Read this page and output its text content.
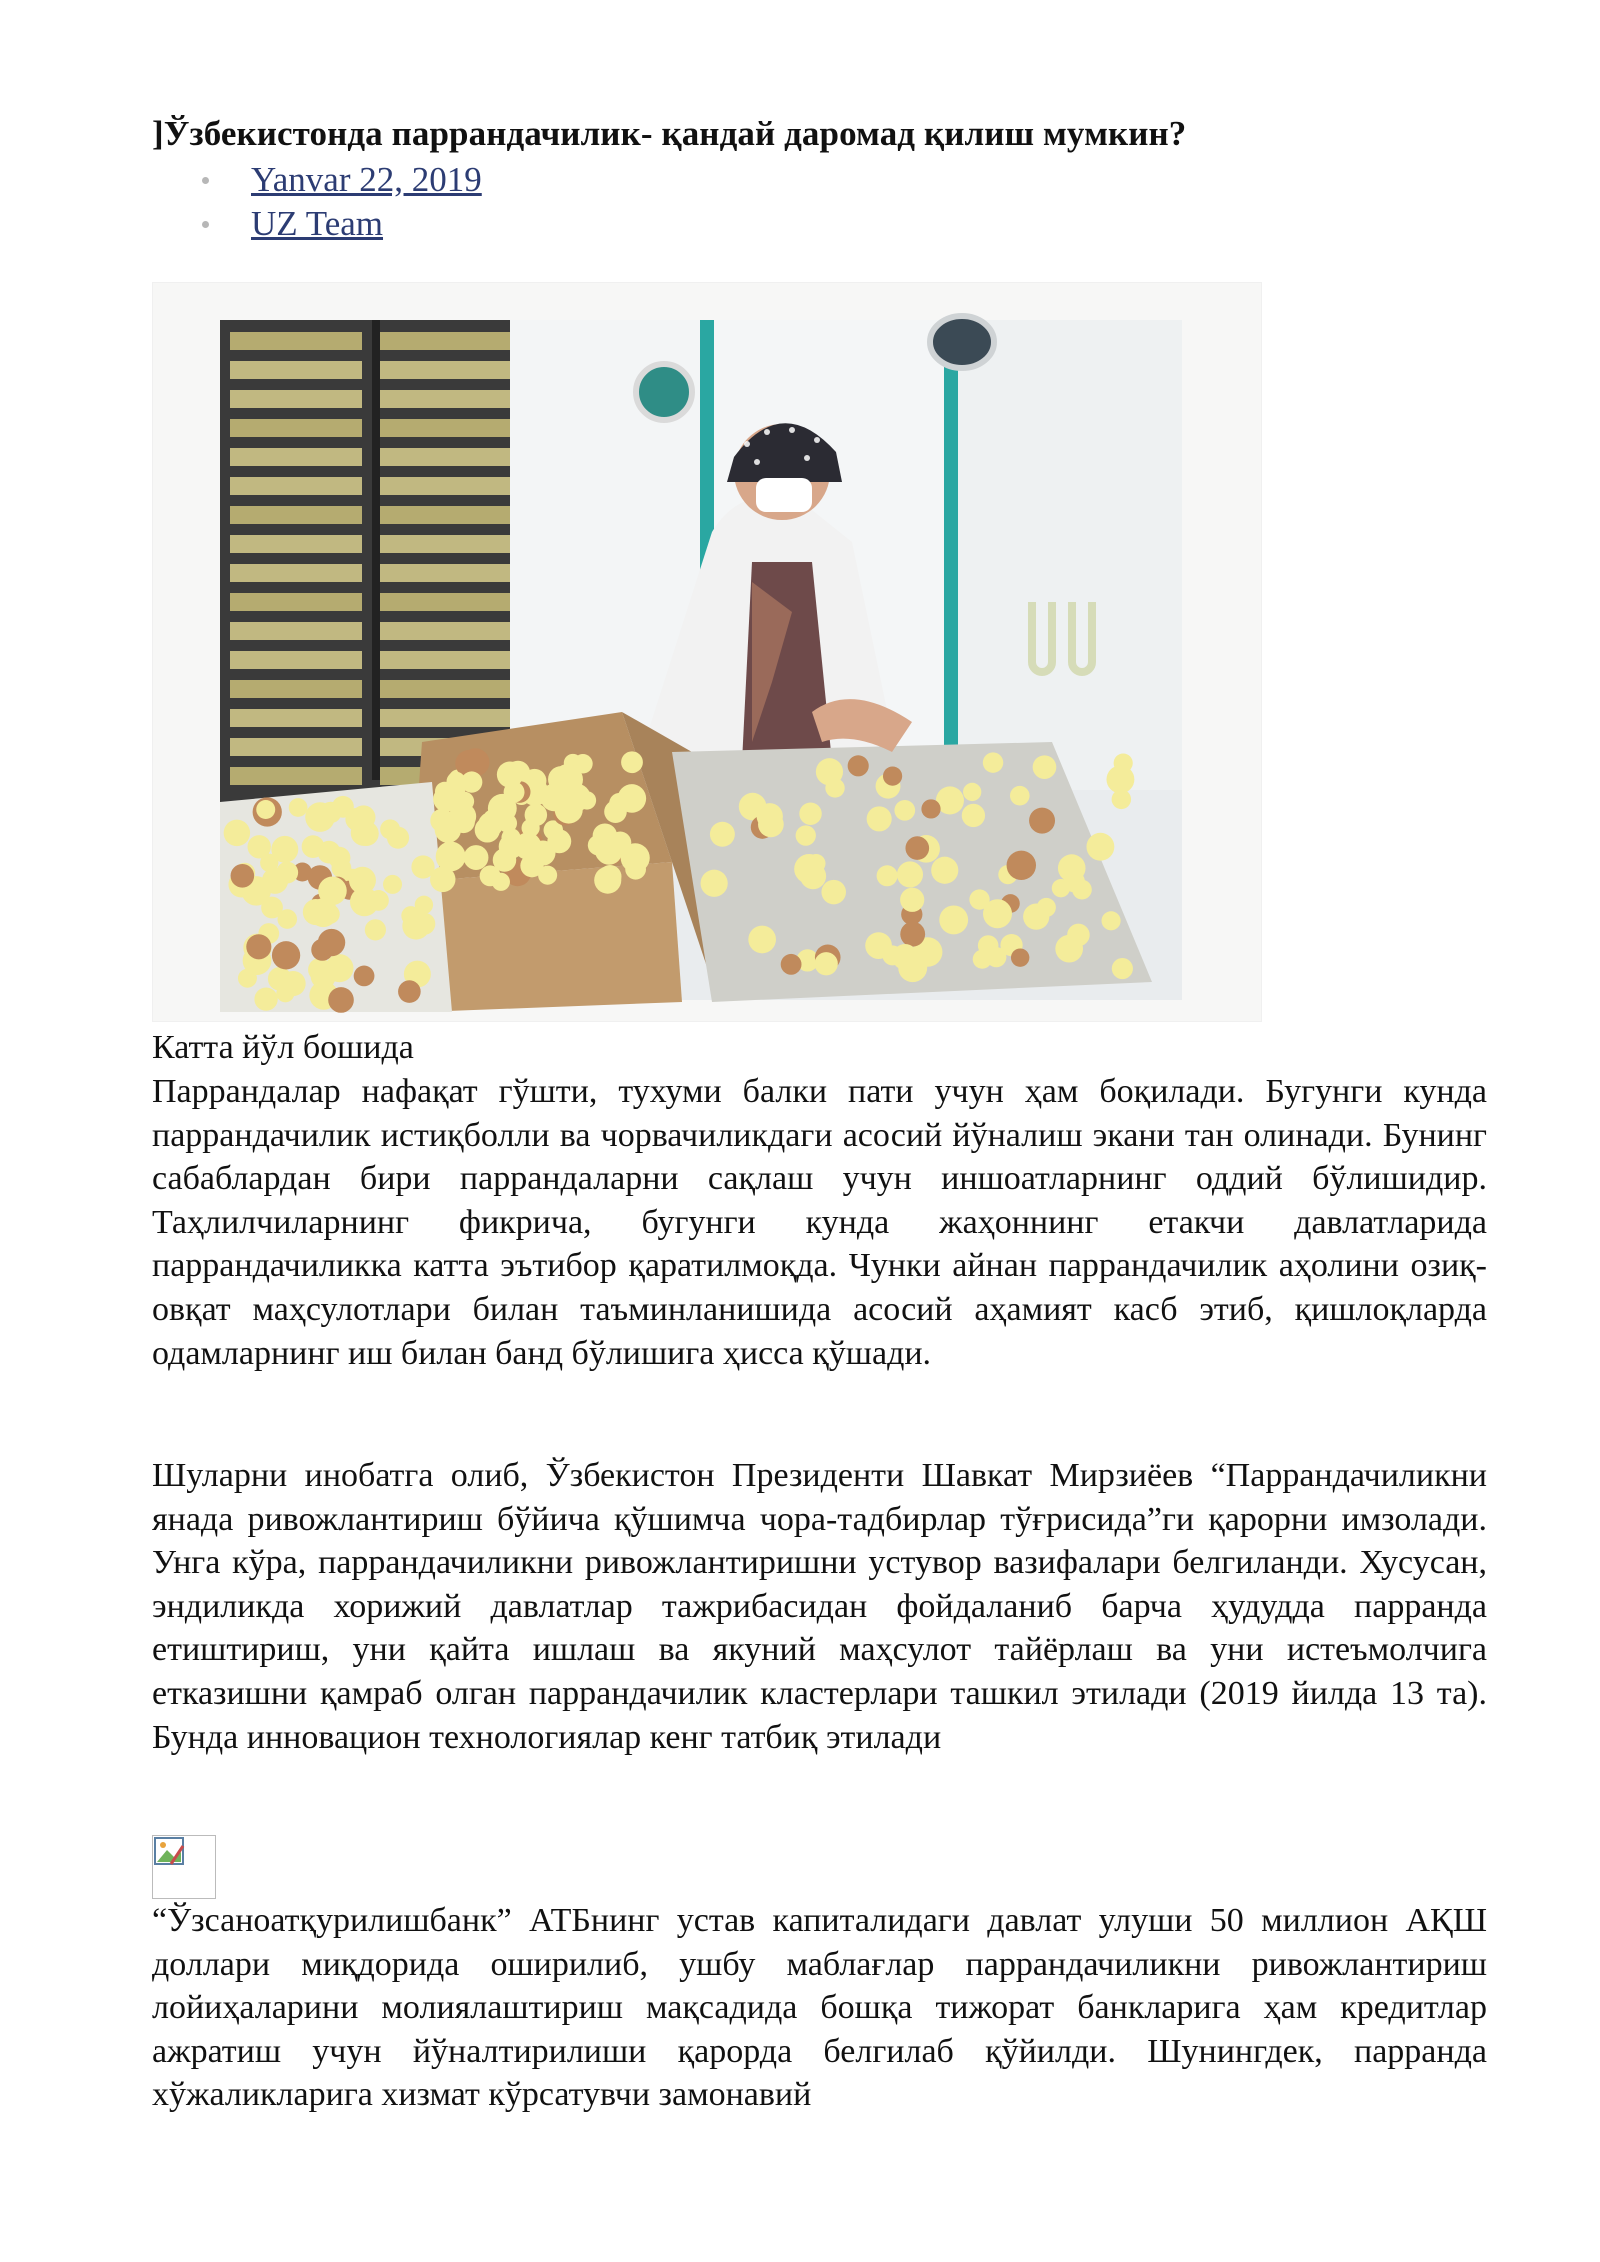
]Ўзбекистонда паррандачилик- қандай даромад қилиш мумкин?
Yanvar 22, 2019
UZ Team
Катта йўл бошида
Паррандалар нафақат гўшти, тухуми балки пати учун ҳам боқилади. Бугунги кунда паррандачилик истиқболли ва чорвачиликдаги асосий йўналиш экани тан олинади. Бунинг сабаблардан бири паррандаларни сақлаш учун иншоатларнинг оддий бўлишидир. Таҳлилчиларнинг фикрича, бугунги кунда жаҳоннинг етакчи давлатларида паррандачиликка катта эътибор қаратилмоқда. Чунки айнан паррандачилик аҳолини озиқ-овқат маҳсулотлари билан таъминланишида асосий аҳамият касб этиб, қишлоқларда одамларнинг иш билан банд бўлишига ҳисса қўшади.
Шуларни инобатга олиб, Ўзбекистон Президенти Шавкат Мирзиёев “Паррандачиликни янада ривожлантириш бўйича қўшимча чора-тадбирлар тўғрисида”ги қарорни имзолади. Унга кўра, паррандачиликни ривожлантиришни устувор вазифалари белгиланди. Хусусан, эндиликда хорижий давлатлар тажрибасидан фойдаланиб барча ҳудудда парранда етиштириш, уни қайта ишлаш ва якуний маҳсулот тайёрлаш ва уни истеъмолчига етказишни қамраб олган паррандачилик кластерлари ташкил этилади (2019 йилда 13 та). Бунда инновацион технологиялар кенг татбиқ этилади
“Ўзсаноатқурилишбанк” АТБнинг устав капиталидаги давлат улуши 50 миллион АҚШ доллари миқдорида оширилиб, ушбу маблағлар паррандачиликни ривожлантириш лойиҳаларини молиялаштириш мақсадида бошқа тижорат банкларига ҳам кредитлар ажратиш учун йўналтирилиши қарорда белгилаб қўйилди. Шунингдек, парранда хўжаликларига хизмат кўрсатувчи замонавий
